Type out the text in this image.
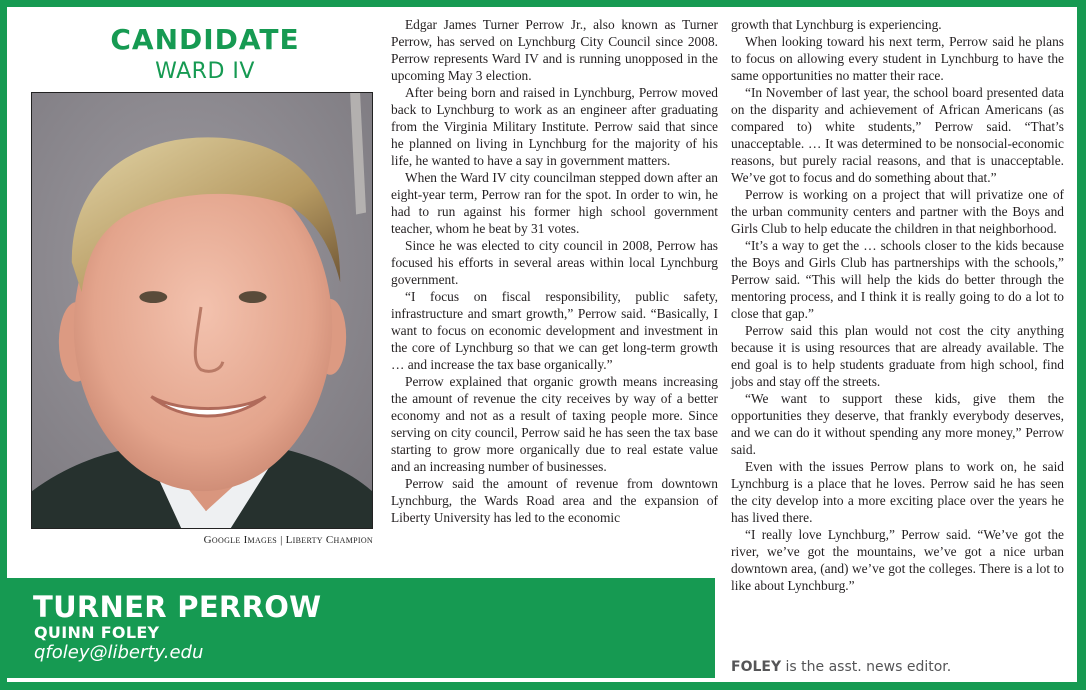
CANDIDATE
WARD IV
Google Images | Liberty Champion

Edgar James Turner Perrow Jr., also known as Turner Perrow, has served on Lynchburg City Council since 2008. Perrow represents Ward IV and is running unopposed in the upcoming May 3 election.

After being born and raised in Lynchburg, Perrow moved back to Lynchburg to work as an engineer after graduating from the Virginia Military Institute. Perrow said that since he planned on living in Lynchburg for the majority of his life, he wanted to have a say in government matters.

When the Ward IV city councilman stepped down after an eight-year term, Perrow ran for the spot. In order to win, he had to run against his former high school government teacher, whom he beat by 31 votes.

Since he was elected to city council in 2008, Perrow has focused his efforts in several areas within local Lynchburg government.

“I focus on fiscal responsibility, public safety, infrastructure and smart growth,” Perrow said. “Basically, I want to focus on economic development and investment in the core of Lynchburg so that we can get long-term growth … and increase the tax base organically.”

Perrow explained that organic growth means increasing the amount of revenue the city receives by way of a better economy and not as a result of taxing people more. Since serving on city council, Perrow said he has seen the tax base starting to grow more organically due to real estate value and an increasing number of businesses.

Perrow said the amount of revenue from downtown Lynchburg, the Wards Road area and the expansion of Liberty University has led to the economic

growth that Lynchburg is experiencing.

When looking toward his next term, Perrow said he plans to focus on allowing every student in Lynchburg to have the same opportunities no matter their race.

“In November of last year, the school board presented data on the disparity and achievement of African Americans (as compared to) white students,” Perrow said. “That’s unacceptable. … It was determined to be nonsocial-economic reasons, but purely racial reasons, and that is unacceptable. We’ve got to focus and do something about that.”

Perrow is working on a project that will privatize one of the urban community centers and partner with the Boys and Girls Club to help educate the children in that neighborhood.

“It’s a way to get the … schools closer to the kids because the Boys and Girls Club has partnerships with the schools,” Perrow said. “This will help the kids do better through the mentoring process, and I think it is really going to do a lot to close that gap.”

Perrow said this plan would not cost the city anything because it is using resources that are already available. The end goal is to help students graduate from high school, find jobs and stay off the streets.

“We want to support these kids, give them the opportunities they deserve, that frankly everybody deserves, and we can do it without spending any more money,” Perrow said.

Even with the issues Perrow plans to work on, he said Lynchburg is a place that he loves. Perrow said he has seen the city develop into a more exciting place over the years he has lived there.

“I really love Lynchburg,” Perrow said. “We’ve got the river, we’ve got the mountains, we’ve got a nice urban downtown area, (and) we’ve got the colleges. There is a lot to like about Lynchburg.”

TURNER PERROW
QUINN FOLEY
qfoley@liberty.edu
FOLEY is the asst. news editor.
